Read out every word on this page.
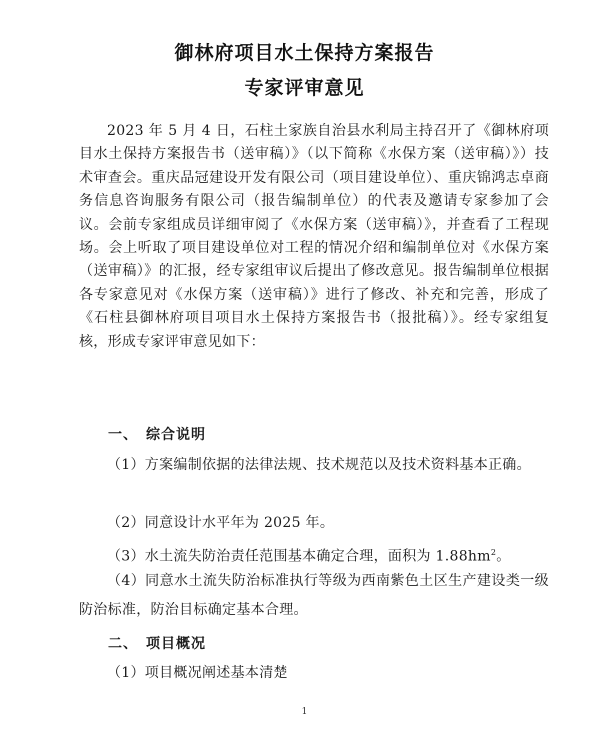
御林府项目水土保持方案报告
专家评审意见

2023 年 5 月 4 日，石柱土家族自治县水利局主持召开了《御林府项目水土保持方案报告书（送审稿）》（以下简称《水保方案（送审稿）》）技术审查会。重庆品冠建设开发有限公司（项目建设单位）、重庆锦鸿志卓商务信息咨询服务有限公司（报告编制单位）的代表及邀请专家参加了会议。会前专家组成员详细审阅了《水保方案（送审稿）》，并查看了工程现场。会上听取了项目建设单位对工程的情况介绍和编制单位对《水保方案（送审稿）》的汇报，经专家组审议后提出了修改意见。报告编制单位根据各专家意见对《水保方案（送审稿）》进行了修改、补充和完善，形成了《石柱县御林府项目项目水土保持方案报告书（报批稿）》。经专家组复核，形成专家评审意见如下：

一、 综合说明

（1）方案编制依据的法律法规、技术规范以及技术资料基本正确。

（2）同意设计水平年为 2025 年。

（3）水土流失防治责任范围基本确定合理，面积为 $1.88hm^2$。

（4）同意水土流失防治标准执行等级为西南紫色土区生产建设类一级防治标准，防治目标确定基本合理。

二、 项目概况

（1）项目概况阐述基本清楚

1
